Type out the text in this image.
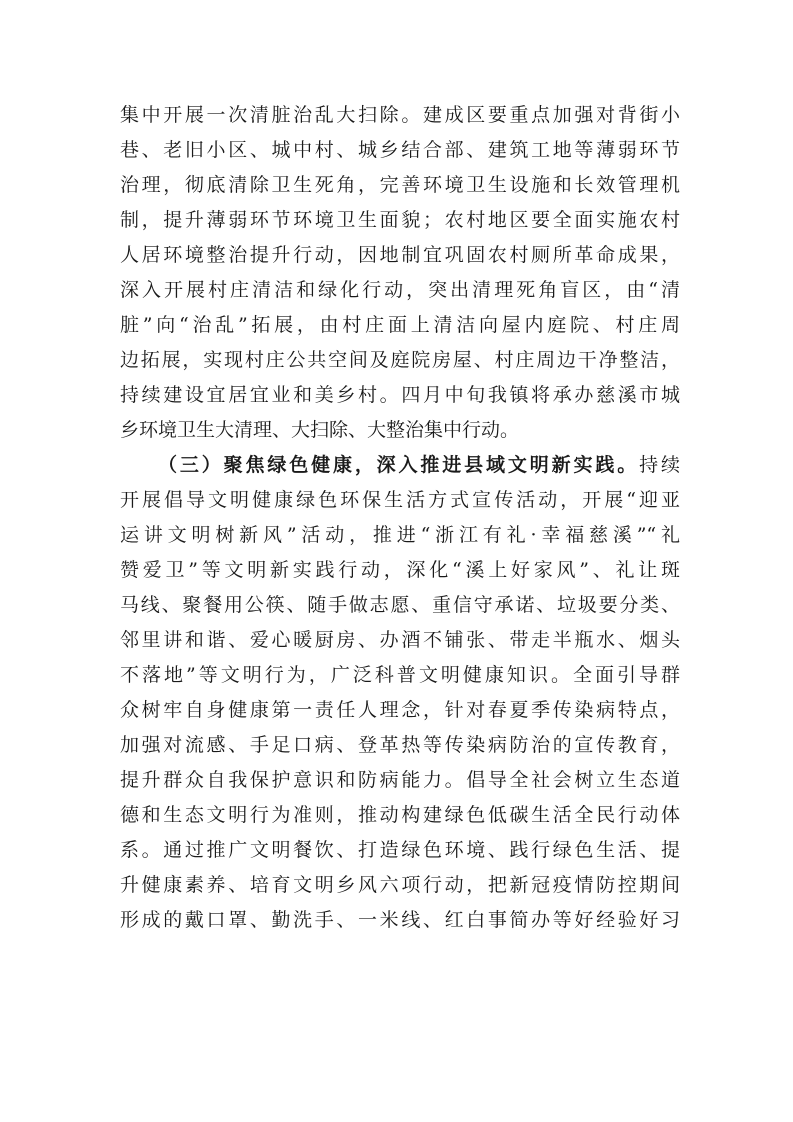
集中开展一次清脏治乱大扫除。建成区要重点加强对背街小
巷、老旧小区、城中村、城乡结合部、建筑工地等薄弱环节
治理，彻底清除卫生死角，完善环境卫生设施和长效管理机
制，提升薄弱环节环境卫生面貌；农村地区要全面实施农村
人居环境整治提升行动，因地制宜巩固农村厕所革命成果，
深入开展村庄清洁和绿化行动，突出清理死角盲区，由“清
脏”向“治乱”拓展，由村庄面上清洁向屋内庭院、村庄周
边拓展，实现村庄公共空间及庭院房屋、村庄周边干净整洁，
持续建设宜居宜业和美乡村。四月中旬我镇将承办慈溪市城
乡环境卫生大清理、大扫除、大整治集中行动。
（三）聚焦绿色健康，深入推进县域文明新实践。持续
开展倡导文明健康绿色环保生活方式宣传活动，开展“迎亚
运讲文明树新风”活动，推进“浙江有礼·幸福慈溪”“礼
赞爱卫”等文明新实践行动，深化“溪上好家风”、礼让斑
马线、聚餐用公筷、随手做志愿、重信守承诺、垃圾要分类、
邻里讲和谐、爱心暖厨房、办酒不铺张、带走半瓶水、烟头
不落地”等文明行为，广泛科普文明健康知识。全面引导群
众树牢自身健康第一责任人理念，针对春夏季传染病特点，
加强对流感、手足口病、登革热等传染病防治的宣传教育，
提升群众自我保护意识和防病能力。倡导全社会树立生态道
德和生态文明行为准则，推动构建绿色低碳生活全民行动体
系。通过推广文明餐饮、打造绿色环境、践行绿色生活、提
升健康素养、培育文明乡风六项行动，把新冠疫情防控期间
形成的戴口罩、勤洗手、一米线、红白事简办等好经验好习
